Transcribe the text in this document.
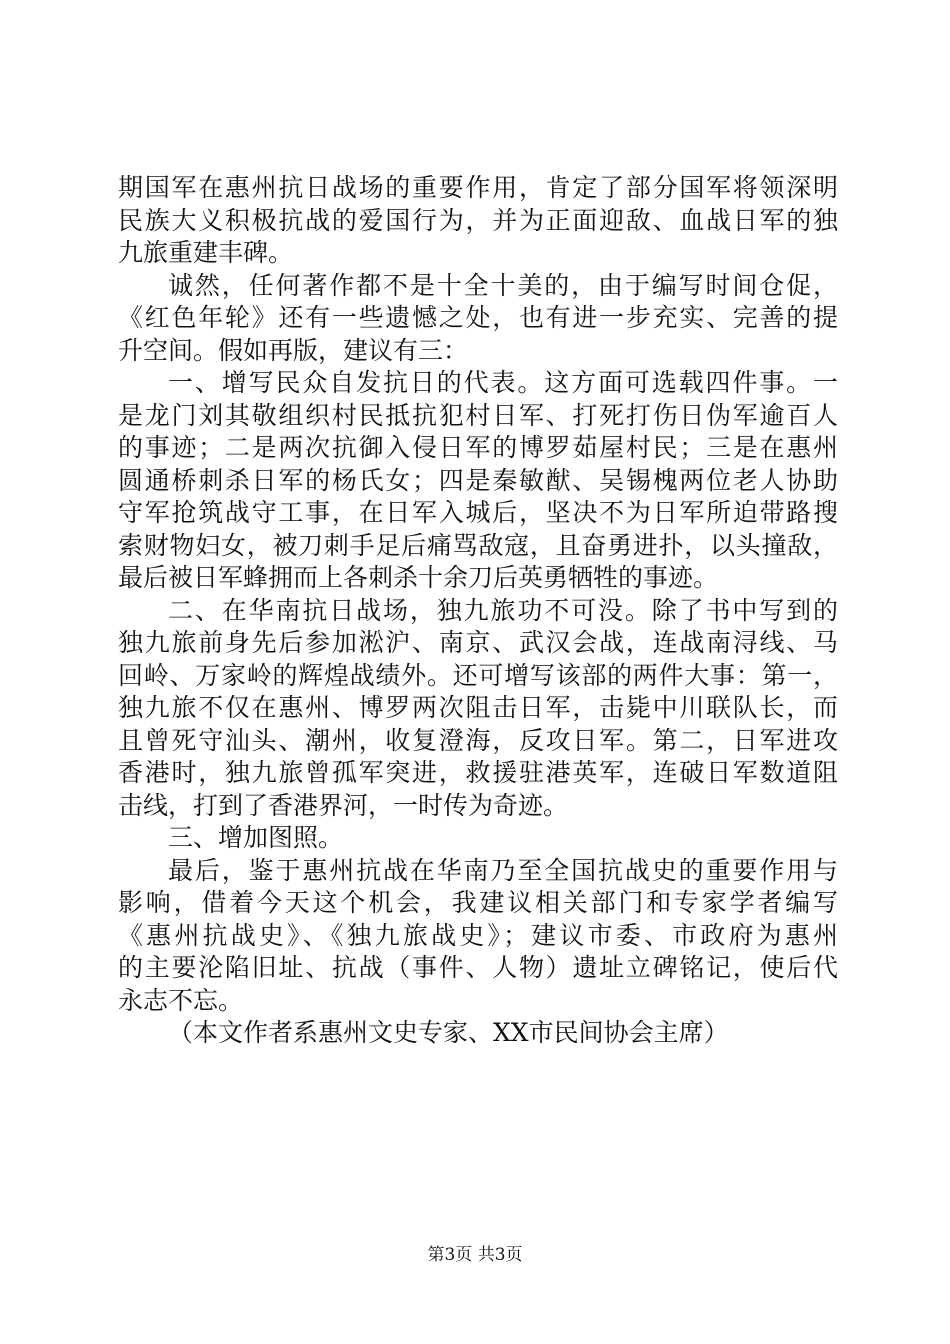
期国军在惠州抗日战场的重要作用，肯定了部分国军将领深明
民族大义积极抗战的爱国行为，并为正面迎敌、血战日军的独
九旅重建丰碑。
诚然，任何著作都不是十全十美的，由于编写时间仓促，
《红色年轮》还有一些遗憾之处，也有进一步充实、完善的提
升空间。假如再版，建议有三：
一、增写民众自发抗日的代表。这方面可选载四件事。一
是龙门刘其敬组织村民抵抗犯村日军、打死打伤日伪军逾百人
的事迹；二是两次抗御入侵日军的博罗茹屋村民；三是在惠州
圆通桥刺杀日军的杨氏女；四是秦敏猷、吴锡槐两位老人协助
守军抢筑战守工事，在日军入城后，坚决不为日军所迫带路搜
索财物妇女，被刀刺手足后痛骂敌寇，且奋勇进扑，以头撞敌，
最后被日军蜂拥而上各刺杀十余刀后英勇牺牲的事迹。
二、在华南抗日战场，独九旅功不可没。除了书中写到的
独九旅前身先后参加淞沪、南京、武汉会战，连战南浔线、马
回岭、万家岭的辉煌战绩外。还可增写该部的两件大事：第一，
独九旅不仅在惠州、博罗两次阻击日军，击毙中川联队长，而
且曾死守汕头、潮州，收复澄海，反攻日军。第二，日军进攻
香港时，独九旅曾孤军突进，救援驻港英军，连破日军数道阻
击线，打到了香港界河，一时传为奇迹。
三、增加图照。
最后，鉴于惠州抗战在华南乃至全国抗战史的重要作用与
影响，借着今天这个机会，我建议相关部门和专家学者编写
《惠州抗战史》、《独九旅战史》；建议市委、市政府为惠州
的主要沦陷旧址、抗战（事件、人物）遗址立碑铭记，使后代
永志不忘。
（本文作者系惠州文史专家、XX市民间协会主席）
第3页 共3页
